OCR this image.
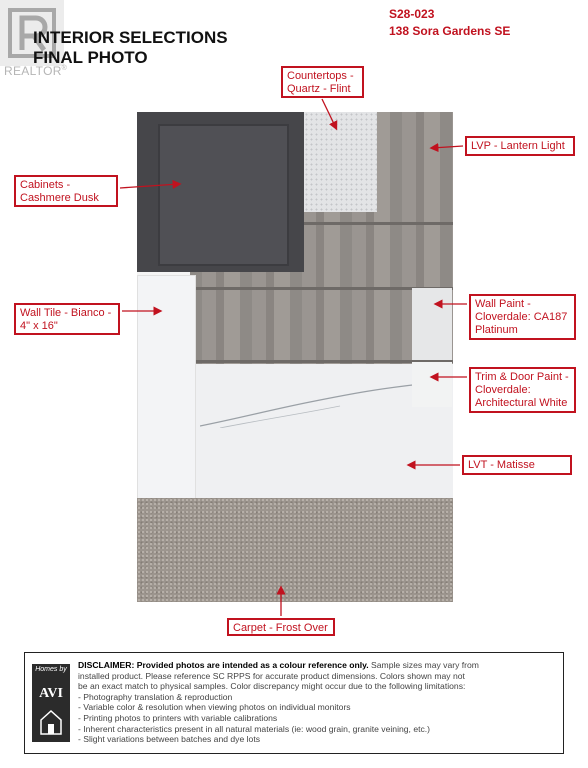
REALTOR®
INTERIOR SELECTIONS
FINAL PHOTO
S28-023
138 Sora Gardens SE
Countertops -
Quartz - Flint
LVP - Lantern Light
Cabinets -
Cashmere Dusk
Wall Tile - Bianco -
4" x 16"
Wall Paint -
Cloverdale: CA187
Platinum
Trim & Door Paint -
Cloverdale:
Architectural White
LVT - Matisse
Carpet - Frost Over
Homes by
AVI
DISCLAIMER: Provided photos are intended as a colour reference only. Sample sizes may vary from
installed product. Please reference SC RPPS for accurate product dimensions. Colors shown may not
be an exact match to physical samples. Color discrepancy might occur due to the following limitations:
- Photography translation & reproduction
- Variable color & resolution when viewing photos on individual monitors
- Printing photos to printers with variable calibrations
- Inherent characteristics present in all natural materials (ie: wood grain, granite veining, etc.)
- Slight variations between batches and dye lots
